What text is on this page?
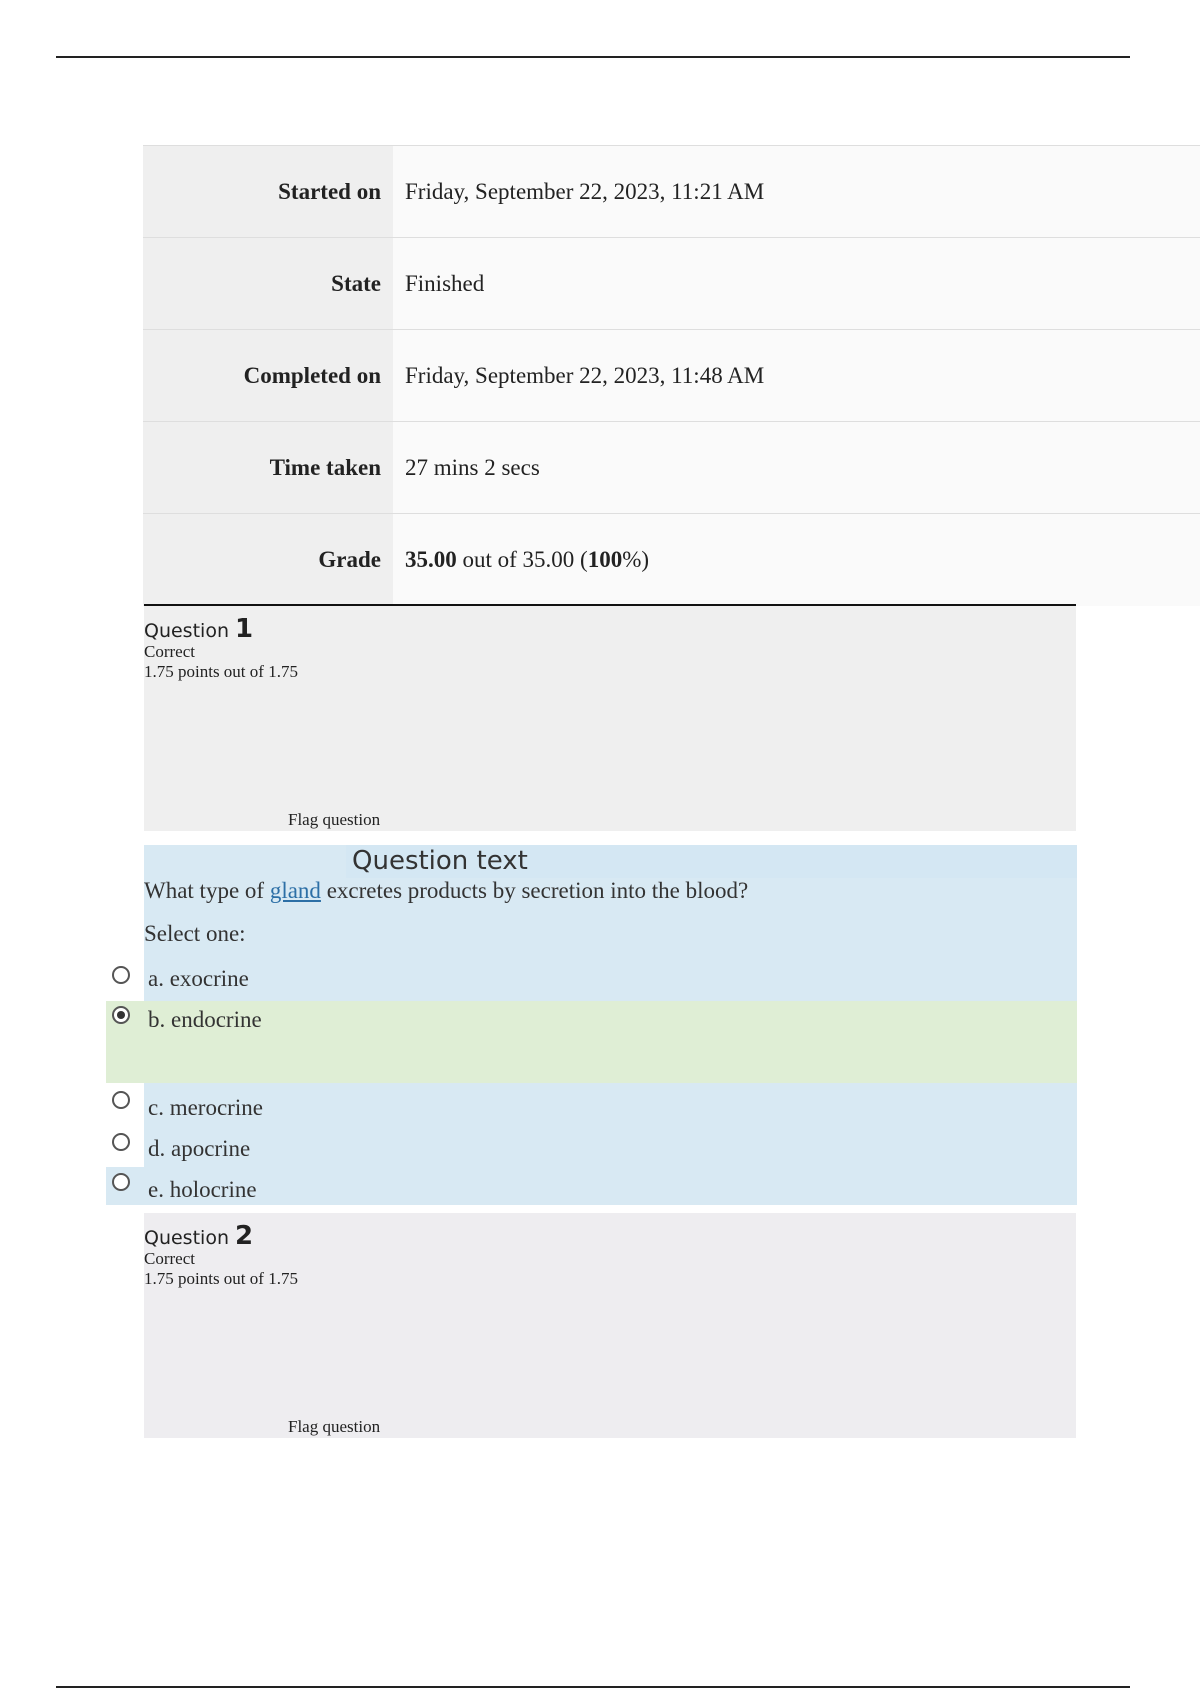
Started on	Friday, September 22, 2023, 11:21 AM
State	Finished
Completed on	Friday, September 22, 2023, 11:48 AM
Time taken	27 mins 2 secs
Grade	35.00 out of 35.00 (100%)
Question 1
Correct
1.75 points out of 1.75
Flag question
Question text
What type of gland excretes products by secretion into the blood?
Select one:
a. exocrine
b. endocrine
c. merocrine
d. apocrine
e. holocrine
Question 2
Correct
1.75 points out of 1.75
Flag question
